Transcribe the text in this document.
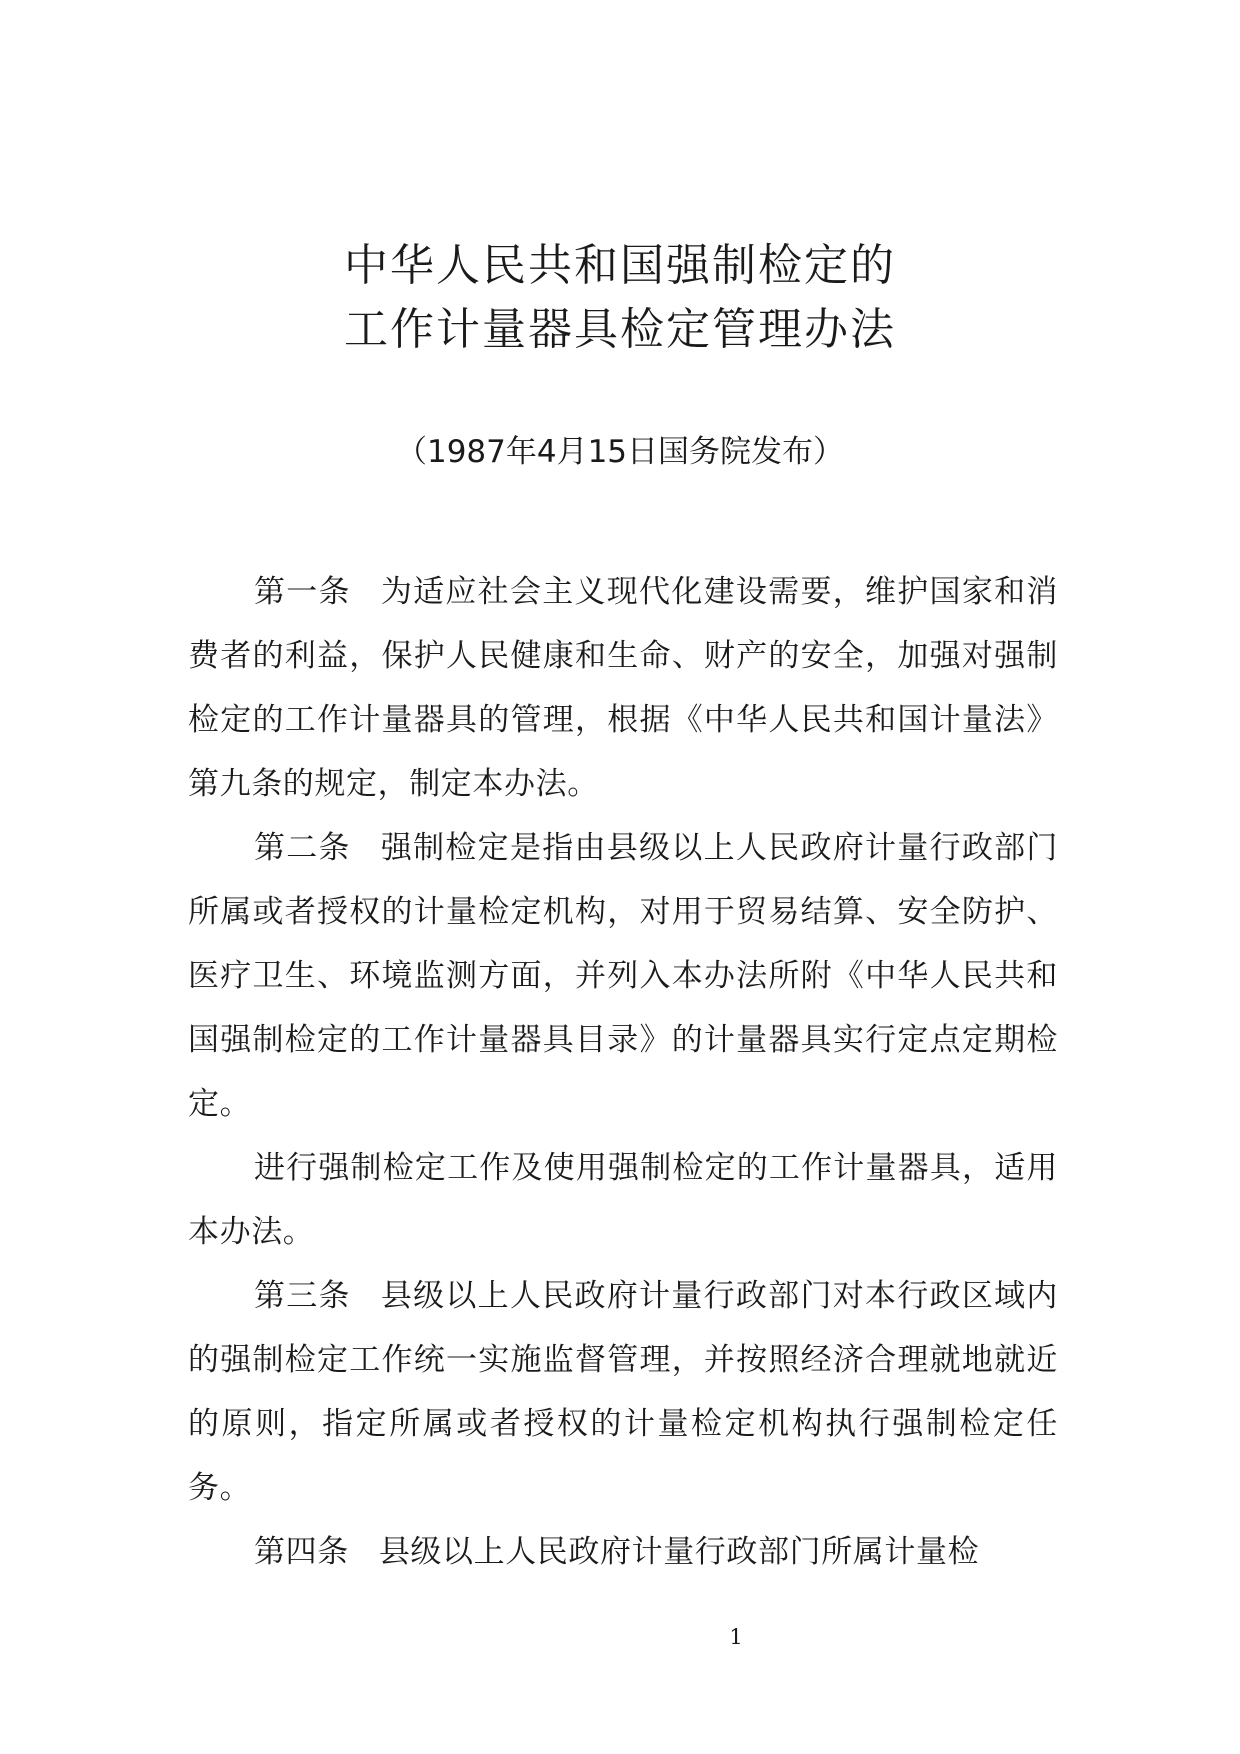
中华人民共和国强制检定的
工作计量器具检定管理办法
（1987年4月15日国务院发布）

第一条 为适应社会主义现代化建设需要，维护国家和消费者的利益，保护人民健康和生命、财产的安全，加强对强制检定的工作计量器具的管理，根据《中华人民共和国计量法》第九条的规定，制定本办法。

第二条 强制检定是指由县级以上人民政府计量行政部门所属或者授权的计量检定机构，对用于贸易结算、安全防护、医疗卫生、环境监测方面，并列入本办法所附《中华人民共和国强制检定的工作计量器具目录》的计量器具实行定点定期检定。

进行强制检定工作及使用强制检定的工作计量器具，适用本办法。

第三条 县级以上人民政府计量行政部门对本行政区域内的强制检定工作统一实施监督管理，并按照经济合理就地就近的原则，指定所属或者授权的计量检定机构执行强制检定任务。

第四条 县级以上人民政府计量行政部门所属计量检

1
